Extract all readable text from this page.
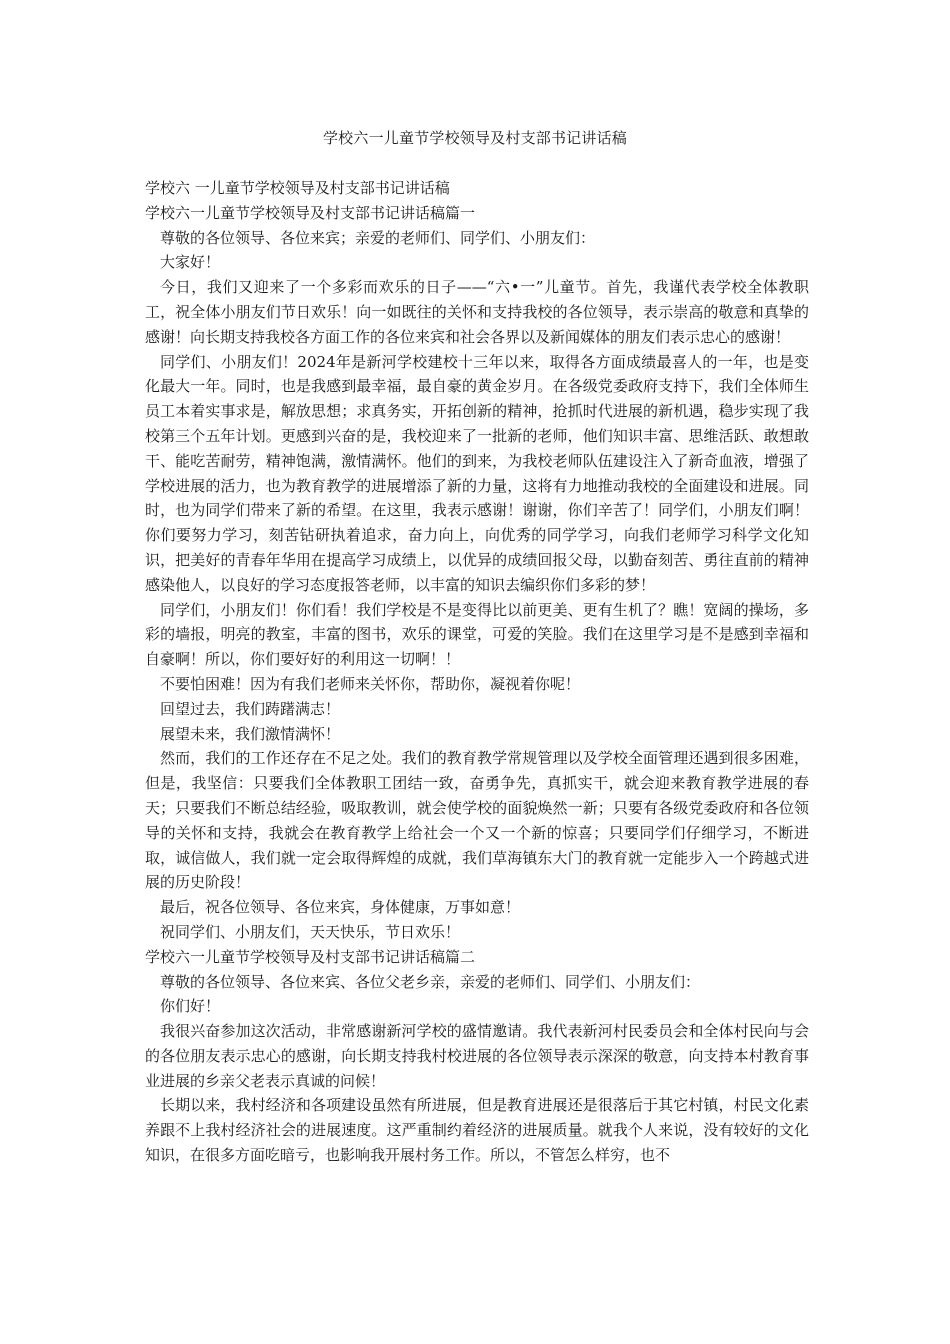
学校六一儿童节学校领导及村支部书记讲话稿

学校六 一儿童节学校领导及村支部书记讲话稿

学校六一儿童节学校领导及村支部书记讲话稿篇一

尊敬的各位领导、各位来宾；亲爱的老师们、同学们、小朋友们：

大家好！

今日，我们又迎来了一个多彩而欢乐的日子——“六•一”儿童节。首先，我谨代表学校全体教职工，祝全体小朋友们节日欢乐！向一如既往的关怀和支持我校的各位领导，表示崇高的敬意和真挚的感谢！向长期支持我校各方面工作的各位来宾和社会各界以及新闻媒体的朋友们表示忠心的感谢！

同学们、小朋友们！2024年是新河学校建校十三年以来，取得各方面成绩最喜人的一年，也是变化最大一年。同时，也是我感到最幸福，最自豪的黄金岁月。在各级党委政府支持下，我们全体师生员工本着实事求是，解放思想；求真务实，开拓创新的精神，抢抓时代进展的新机遇，稳步实现了我校第三个五年计划。更感到兴奋的是，我校迎来了一批新的老师，他们知识丰富、思维活跃、敢想敢干、能吃苦耐劳，精神饱满，激情满怀。他们的到来，为我校老师队伍建设注入了新奇血液，增强了学校进展的活力，也为教育教学的进展增添了新的力量，这将有力地推动我校的全面建设和进展。同时，也为同学们带来了新的希望。在这里，我表示感谢！谢谢，你们辛苦了！同学们，小朋友们啊！你们要努力学习，刻苦钻研执着追求，奋力向上，向优秀的同学学习，向我们老师学习科学文化知识，把美好的青春年华用在提高学习成绩上，以优异的成绩回报父母，以勤奋刻苦、勇往直前的精神感染他人，以良好的学习态度报答老师，以丰富的知识去编织你们多彩的梦！

同学们，小朋友们！你们看！我们学校是不是变得比以前更美、更有生机了？瞧！宽阔的操场，多彩的墙报，明亮的教室，丰富的图书，欢乐的课堂，可爱的笑脸。我们在这里学习是不是感到幸福和自豪啊！所以，你们要好好的利用这一切啊！！

不要怕困难！因为有我们老师来关怀你，帮助你，凝视着你呢！

回望过去，我们踌躇满志！

展望未来，我们激情满怀！

然而，我们的工作还存在不足之处。我们的教育教学常规管理以及学校全面管理还遇到很多困难，但是，我坚信：只要我们全体教职工团结一致，奋勇争先，真抓实干，就会迎来教育教学进展的春天；只要我们不断总结经验，吸取教训，就会使学校的面貌焕然一新；只要有各级党委政府和各位领导的关怀和支持，我就会在教育教学上给社会一个又一个新的惊喜；只要同学们仔细学习，不断进取，诚信做人，我们就一定会取得辉煌的成就，我们草海镇东大门的教育就一定能步入一个跨越式进展的历史阶段！

最后，祝各位领导、各位来宾，身体健康，万事如意！

祝同学们、小朋友们，天天快乐，节日欢乐！

学校六一儿童节学校领导及村支部书记讲话稿篇二

尊敬的各位领导、各位来宾、各位父老乡亲，亲爱的老师们、同学们、小朋友们：

你们好！

我很兴奋参加这次活动，非常感谢新河学校的盛情邀请。我代表新河村民委员会和全体村民向与会的各位朋友表示忠心的感谢，向长期支持我村校进展的各位领导表示深深的敬意，向支持本村教育事业进展的乡亲父老表示真诚的问候！

长期以来，我村经济和各项建设虽然有所进展，但是教育进展还是很落后于其它村镇，村民文化素养跟不上我村经济社会的进展速度。这严重制约着经济的进展质量。就我个人来说，没有较好的文化知识，在很多方面吃暗亏，也影响我开展村务工作。所以，不管怎么样穷，也不
